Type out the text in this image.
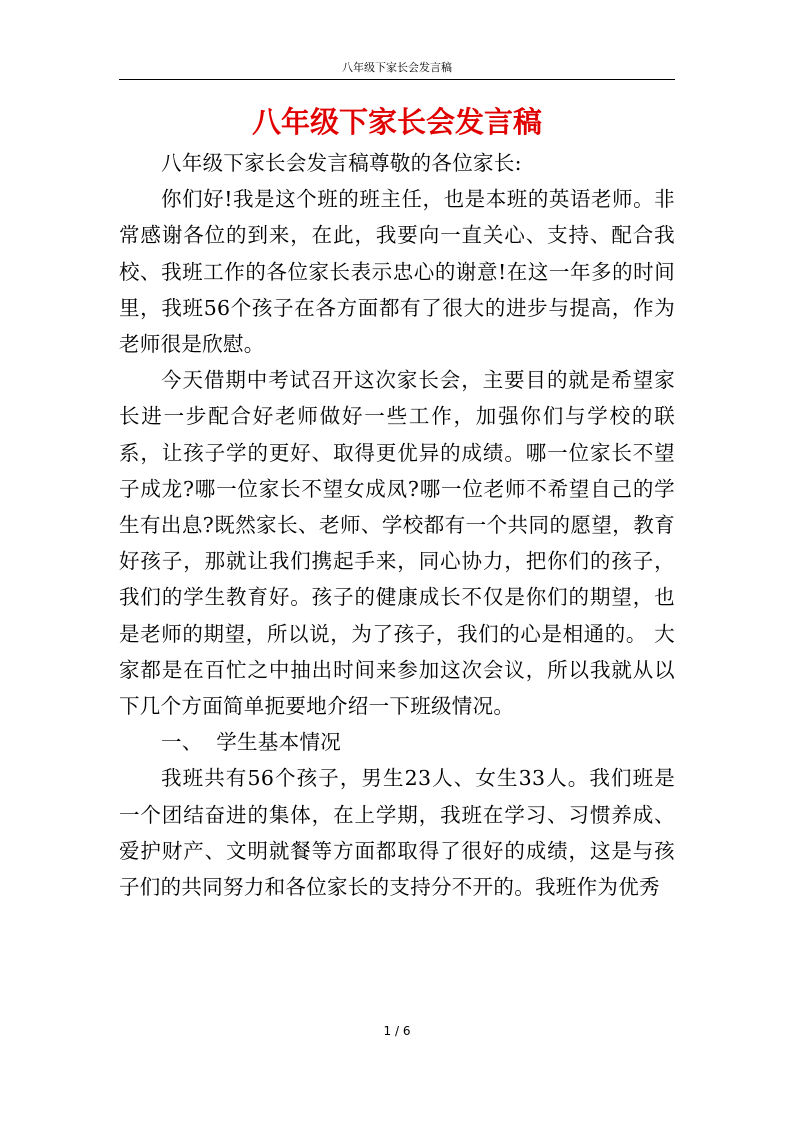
八年级下家长会发言稿
八年级下家长会发言稿

八年级下家长会发言稿尊敬的各位家长:

你们好!我是这个班的班主任，也是本班的英语老师。非常感谢各位的到来，在此，我要向一直关心、支持、配合我校、我班工作的各位家长表示忠心的谢意!在这一年多的时间里，我班56个孩子在各方面都有了很大的进步与提高，作为老师很是欣慰。

今天借期中考试召开这次家长会，主要目的就是希望家长进一步配合好老师做好一些工作，加强你们与学校的联系，让孩子学的更好、取得更优异的成绩。哪一位家长不望子成龙?哪一位家长不望女成凤?哪一位老师不希望自己的学生有出息?既然家长、老师、学校都有一个共同的愿望，教育好孩子，那就让我们携起手来，同心协力，把你们的孩子，我们的学生教育好。孩子的健康成长不仅是你们的期望，也是老师的期望，所以说，为了孩子，我们的心是相通的。 大家都是在百忙之中抽出时间来参加这次会议，所以我就从以下几个方面简单扼要地介绍一下班级情况。

一、  学生基本情况

我班共有56个孩子，男生23人、女生33人。我们班是一个团结奋进的集体，在上学期，我班在学习、习惯养成、爱护财产、文明就餐等方面都取得了很好的成绩，这是与孩子们的共同努力和各位家长的支持分不开的。我班作为优秀

1 / 6
